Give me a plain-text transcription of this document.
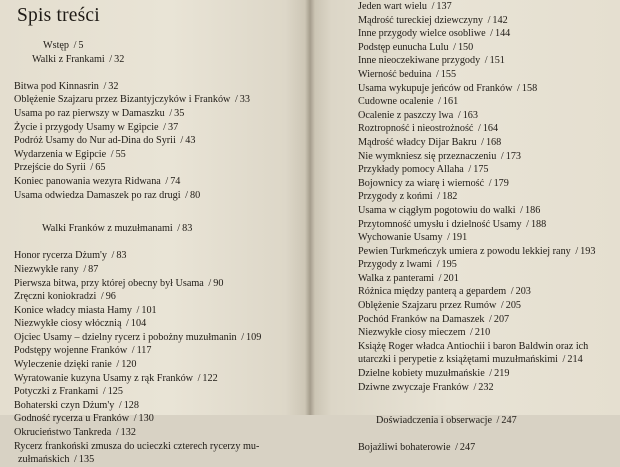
Spis treści
Wstęp / 5
Walki z Frankami / 32
Bitwa pod Kinnasrin / 32
Oblężenie Szajzaru przez Bizantyjczyków i Franków / 33
Usama po raz pierwszy w Damaszku / 35
Życie i przygody Usamy w Egipcie / 37
Podróż Usamy do Nur ad-Dina do Syrii / 43
Wydarzenia w Egipcie / 55
Przejście do Syrii / 65
Koniec panowania wezyra Ridwana / 74
Usama odwiedza Damaszek po raz drugi / 80
Walki Franków z muzułmanami / 83
Honor rycerza Dżum'y / 83
Niezwykłe rany / 87
Pierwsza bitwa, przy której obecny był Usama / 90
Zręczni koniokradzi / 96
Konice władcy miasta Hamy / 101
Niezwykłe ciosy włócznią / 104
Ojciec Usamy – dzielny rycerz i pobożny muzułmanin / 109
Podstępy wojenne Franków / 117
Wyleczenie dzięki ranie / 120
Wyratowanie kuzyna Usamy z rąk Franków / 122
Potyczki z Frankami / 125
Bohaterski czyn Dżum'y / 128
Godność rycerza u Franków / 130
Okrucieństwo Tankreda / 132
Rycerz frankoński zmusza do ucieczki czterech rycerzy mu-
zułmańskich / 135
Jeden wart wielu / 137
Mądrość tureckiej dziewczyny / 142
Inne przygody wielce osobliwe / 144
Podstęp eunucha Lulu / 150
Inne nieoczekiwane przygody / 151
Wierność beduina / 155
Usama wykupuje jeńców od Franków / 158
Cudowne ocalenie / 161
Ocalenie z paszczy lwa / 163
Roztropność i nieostrożność / 164
Mądrość władcy Dijar Bakru / 168
Nie wymkniesz się przeznaczeniu / 173
Przykłady pomocy Allaha / 175
Bojownicy za wiarę i wierność / 179
Przygody z końmi / 182
Usama w ciągłym pogotowiu do walki / 186
Przytomność umysłu i dzielność Usamy / 188
Wychowanie Usamy / 191
Pewien Turkmeńczyk umiera z powodu lekkiej rany / 193
Przygody z lwami / 195
Walka z panterami / 201
Różnica między panterą a gepardem / 203
Oblężenie Szajzaru przez Rumów / 205
Pochód Franków na Damaszek / 207
Niezwykłe ciosy mieczem / 210
Książę Roger władca Antiochii i baron Baldwin oraz ich
utarczki i perypetie z książętami muzułmańskimi / 214
Dzielne kobiety muzułmańskie / 219
Dziwne zwyczaje Franków / 232
Doświadczenia i obserwacje / 247
Bojaźliwi bohaterowie / 247
